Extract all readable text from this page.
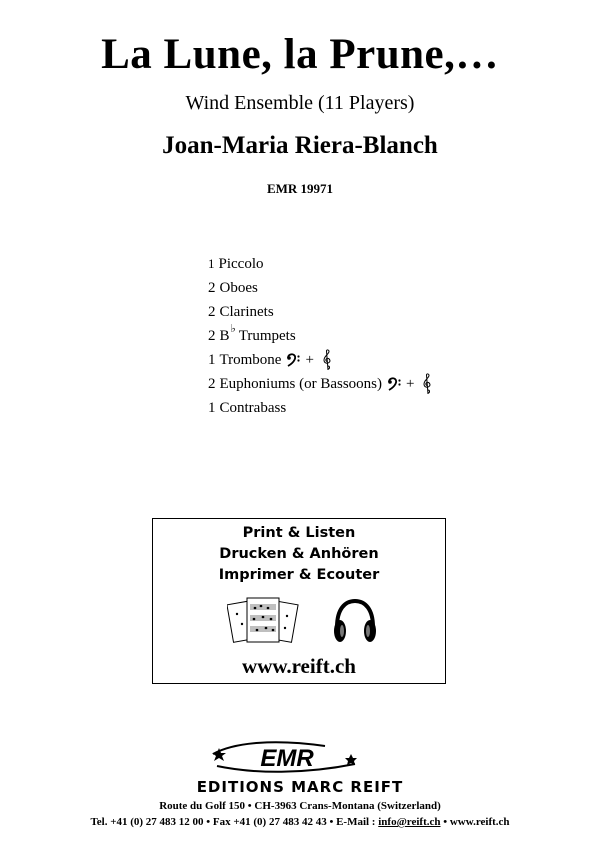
La Lune, la Prune,…
Wind Ensemble (11 Players)
Joan-Maria Riera-Blanch
EMR 19971
1 Piccolo
2 Oboes
2 Clarinets
2 B ♭ Trumpets
1 Trombone +
2 Euphoniums (or Bassoons) +
1 Contrabass
Print & Listen
Drucken & Anhören
Imprimer & Ecouter
www.reift.ch
EMR
EDITIONS MARC REIFT
Route du Golf 150 • CH-3963 Crans-Montana (Switzerland)
Tel. +41 (0) 27 483 12 00 • Fax +41 (0) 27 483 42 43 • E-Mail : info@reift.ch • www.reift.ch
